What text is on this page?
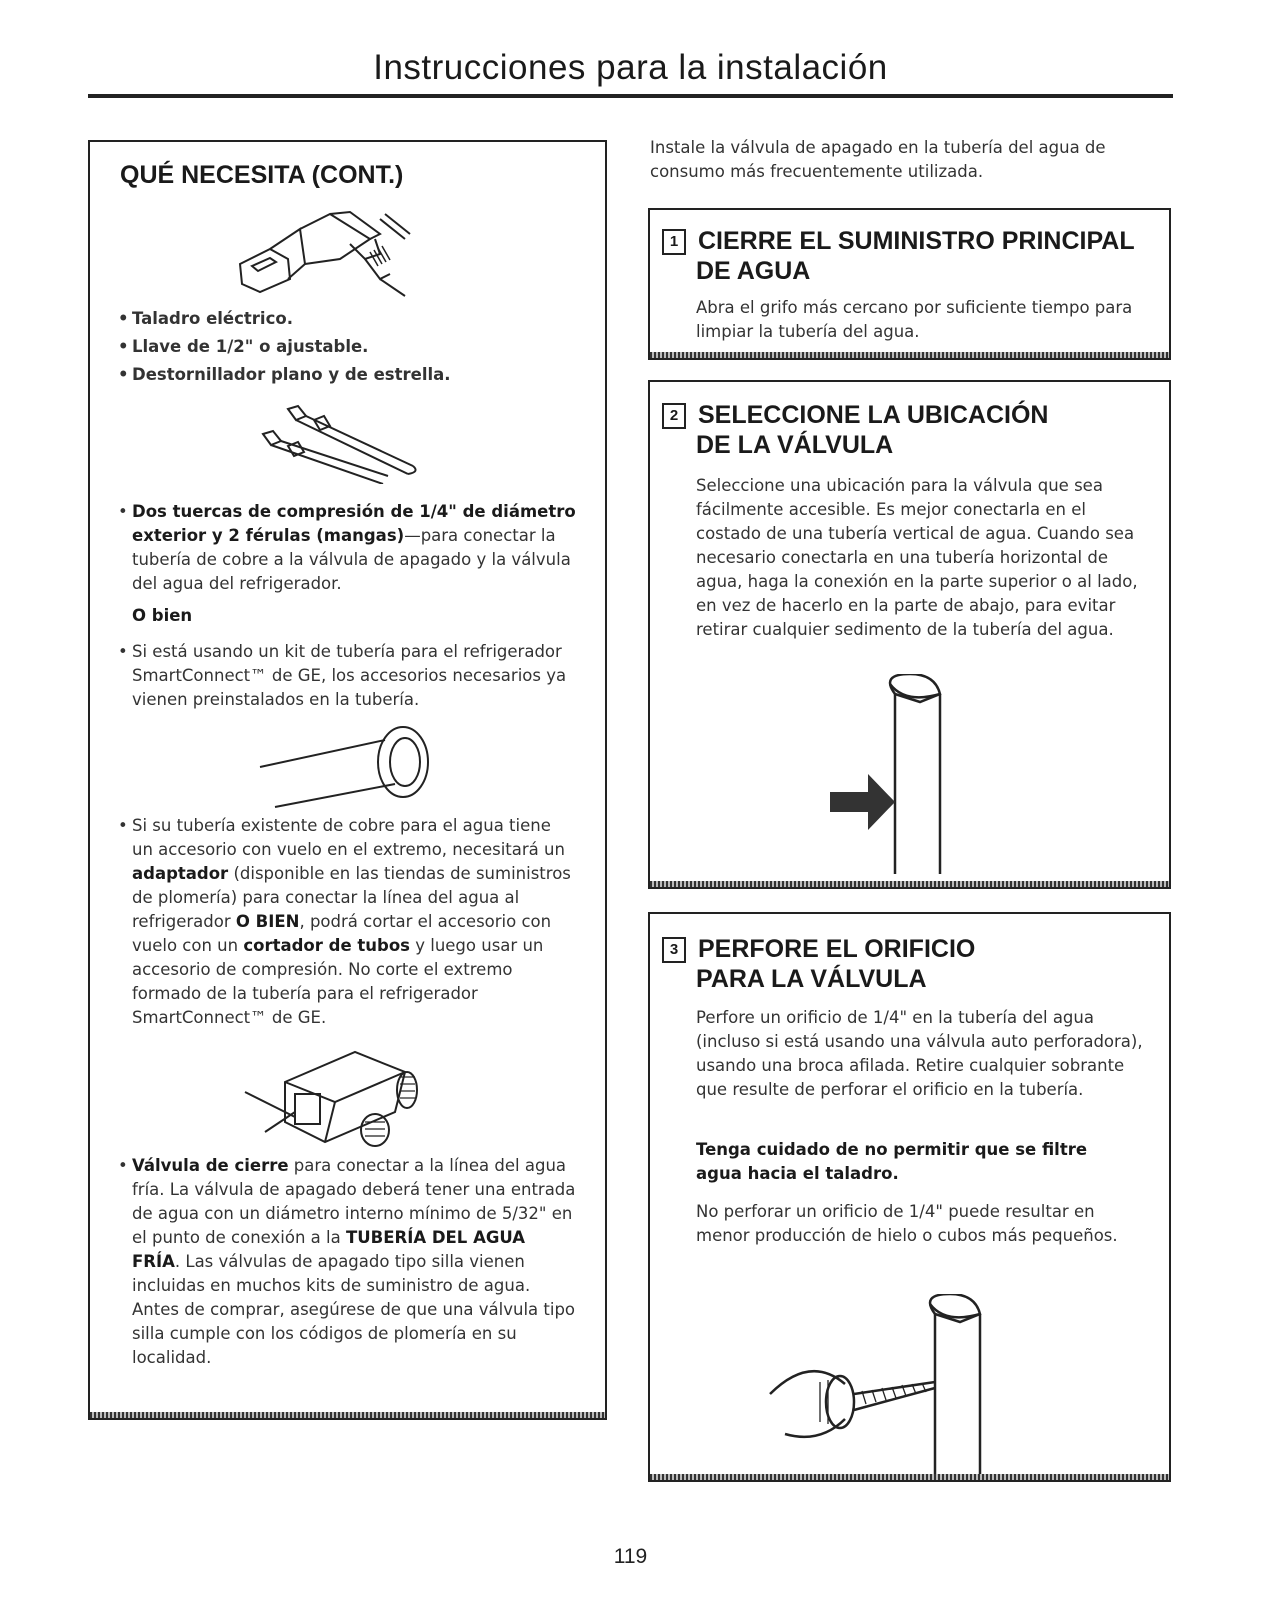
Instrucciones para la instalación
QUÉ NECESITA (CONT.)
• Taladro eléctrico.
• Llave de 1/2" o ajustable.
• Destornillador plano y de estrella.
• Dos tuercas de compresión de 1/4" de diámetro exterior y 2 férulas (mangas)—para conectar la tubería de cobre a la válvula de apagado y la válvula del agua del refrigerador.
O bien
• Si está usando un kit de tubería para el refrigerador SmartConnect™ de GE, los accesorios necesarios ya vienen preinstalados en la tubería.
• Si su tubería existente de cobre para el agua tiene un accesorio con vuelo en el extremo, necesitará un adaptador (disponible en las tiendas de suministros de plomería) para conectar la línea del agua al refrigerador O BIEN, podrá cortar el accesorio con vuelo con un cortador de tubos y luego usar un accesorio de compresión. No corte el extremo formado de la tubería para el refrigerador SmartConnect™ de GE.
• Válvula de cierre para conectar a la línea del agua fría. La válvula de apagado deberá tener una entrada de agua con un diámetro interno mínimo de 5/32" en el punto de conexión a la TUBERÍA DEL AGUA FRÍA. Las válvulas de apagado tipo silla vienen incluidas en muchos kits de suministro de agua. Antes de comprar, asegúrese de que una válvula tipo silla cumple con los códigos de plomería en su localidad.

Instale la válvula de apagado en la tubería del agua de consumo más frecuentemente utilizada.

1 CIERRE EL SUMINISTRO PRINCIPAL
DE AGUA

Abra el grifo más cercano por suficiente tiempo para limpiar la tubería del agua.

2 SELECCIONE LA UBICACIÓN
DE LA VÁLVULA

Seleccione una ubicación para la válvula que sea fácilmente accesible. Es mejor conectarla en el costado de una tubería vertical de agua. Cuando sea necesario conectarla en una tubería horizontal de agua, haga la conexión en la parte superior o al lado, en vez de hacerlo en la parte de abajo, para evitar retirar cualquier sedimento de la tubería del agua.

3 PERFORE EL ORIFICIO
PARA LA VÁLVULA

Perfore un orificio de 1/4" en la tubería del agua (incluso si está usando una válvula auto perforadora), usando una broca afilada. Retire cualquier sobrante que resulte de perforar el orificio en la tubería.

Tenga cuidado de no permitir que se filtre agua hacia el taladro.

No perforar un orificio de 1/4" puede resultar en menor producción de hielo o cubos más pequeños.

119
